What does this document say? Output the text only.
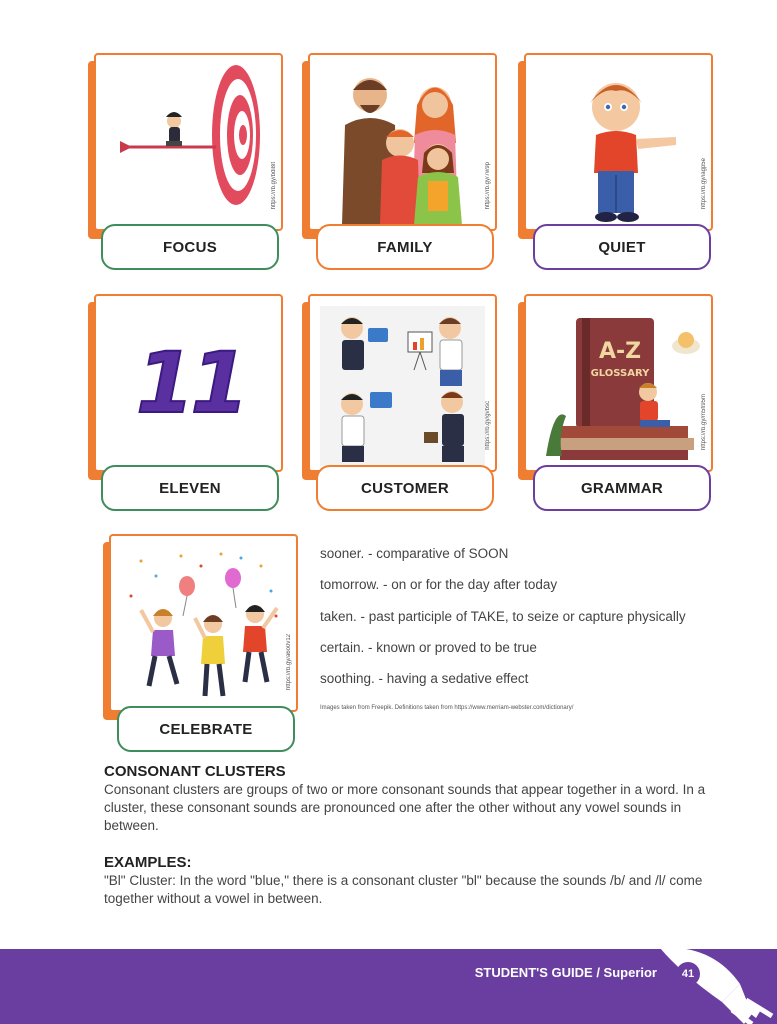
https://rb.gy/bdi8it
FOCUS
https://rb.gy/7w9p
FAMILY
https://rb.gy/iagp5e
QUIET
11
ELEVEN
https://rb.gy/gvbsc
CUSTOMER
A-Z
GLOSSARY
https://rb.gy/m5fi95m
GRAMMAR
https://rb.gy/a6o0v12
CELEBRATE
sooner. - comparative of SOON
tomorrow. - on or for the day after today
taken. - past participle of TAKE, to seize or capture physically
certain. - known or proved to be true
soothing. - having a sedative effect
Images taken from Freepik. Definitions taken from https://www.merriam-webster.com/dictionary/
CONSONANT CLUSTERS

Consonant clusters are groups of two or more consonant sounds that appear together in a word. In a cluster, these consonant sounds are pronounced one after the other without any vowel sounds in between.

EXAMPLES:

"Bl" Cluster: In the word "blue," there is a consonant cluster "bl" because the sounds /b/ and /l/ come together without a vowel in between.

STUDENT'S GUIDE / Superior	41
